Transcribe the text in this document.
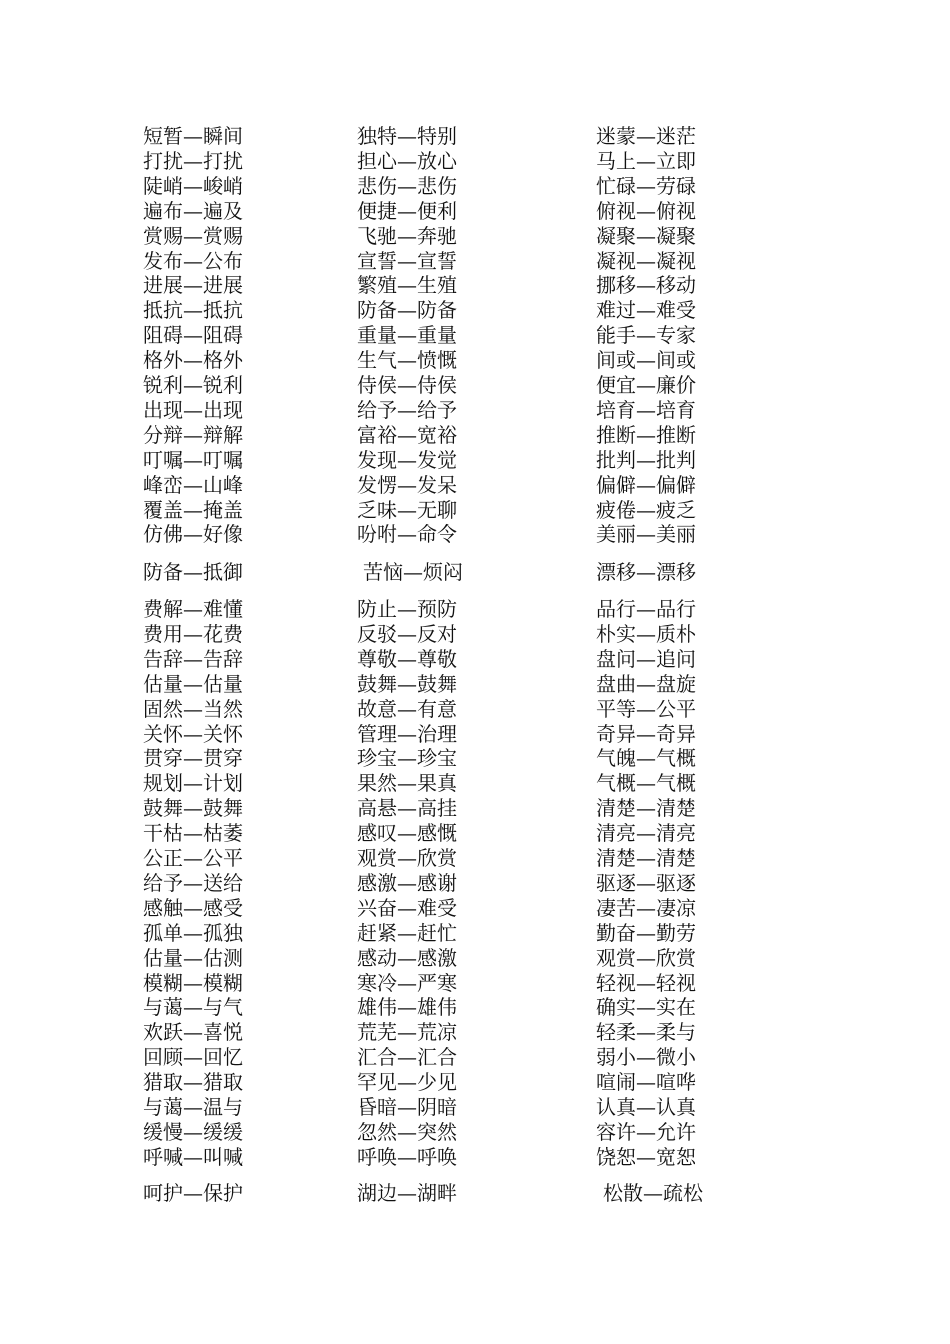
短暂—瞬间	独特—特别	迷蒙—迷茫
打扰—打扰	担心—放心	马上—立即
陡峭—峻峭	悲伤—悲伤	忙碌—劳碌
遍布—遍及	便捷—便利	俯视—俯视
赏赐—赏赐	飞驰—奔驰	凝聚—凝聚
发布—公布	宣誓—宣誓	凝视—凝视
进展—进展	繁殖—生殖	挪移—移动
抵抗—抵抗	防备—防备	难过—难受
阻碍—阻碍	重量—重量	能手—专家
格外—格外	生气—愤慨	间或—间或
锐利—锐利	侍侯—侍侯	便宜—廉价
出现—出现	给予—给予	培育—培育
分辩—辩解	富裕—宽裕	推断—推断
叮嘱—叮嘱	发现—发觉	批判—批判
峰峦—山峰	发愣—发呆	偏僻—偏僻
覆盖—掩盖	乏味—无聊	疲倦—疲乏
仿佛—好像	吩咐—命令	美丽—美丽
防备—抵御	苦恼—烦闷	漂移—漂移
费解—难懂	防止—预防	品行—品行
费用—花费	反驳—反对	朴实—质朴
告辞—告辞	尊敬—尊敬	盘问—追问
估量—估量	鼓舞—鼓舞	盘曲—盘旋
固然—当然	故意—有意	平等—公平
关怀—关怀	管理—治理	奇异—奇异
贯穿—贯穿	珍宝—珍宝	气魄—气概
规划—计划	果然—果真	气概—气概
鼓舞—鼓舞	高悬—高挂	清楚—清楚
干枯—枯萎	感叹—感慨	清亮—清亮
公正—公平	观赏—欣赏	清楚—清楚
给予—送给	感激—感谢	驱逐—驱逐
感触—感受	兴奋—难受	凄苦—凄凉
孤单—孤独	赶紧—赶忙	勤奋—勤劳
估量—估测	感动—感激	观赏—欣赏
模糊—模糊	寒冷—严寒	轻视—轻视
与蔼—与气	雄伟—雄伟	确实—实在
欢跃—喜悦	荒芜—荒凉	轻柔—柔与
回顾—回忆	汇合—汇合	弱小—微小
猎取—猎取	罕见—少见	喧闹—喧哗
与蔼—温与	昏暗—阴暗	认真—认真
缓慢—缓缓	忽然—突然	容许—允许
呼喊—叫喊	呼唤—呼唤	饶恕—宽恕
呵护—保护	湖边—湖畔	松散—疏松
